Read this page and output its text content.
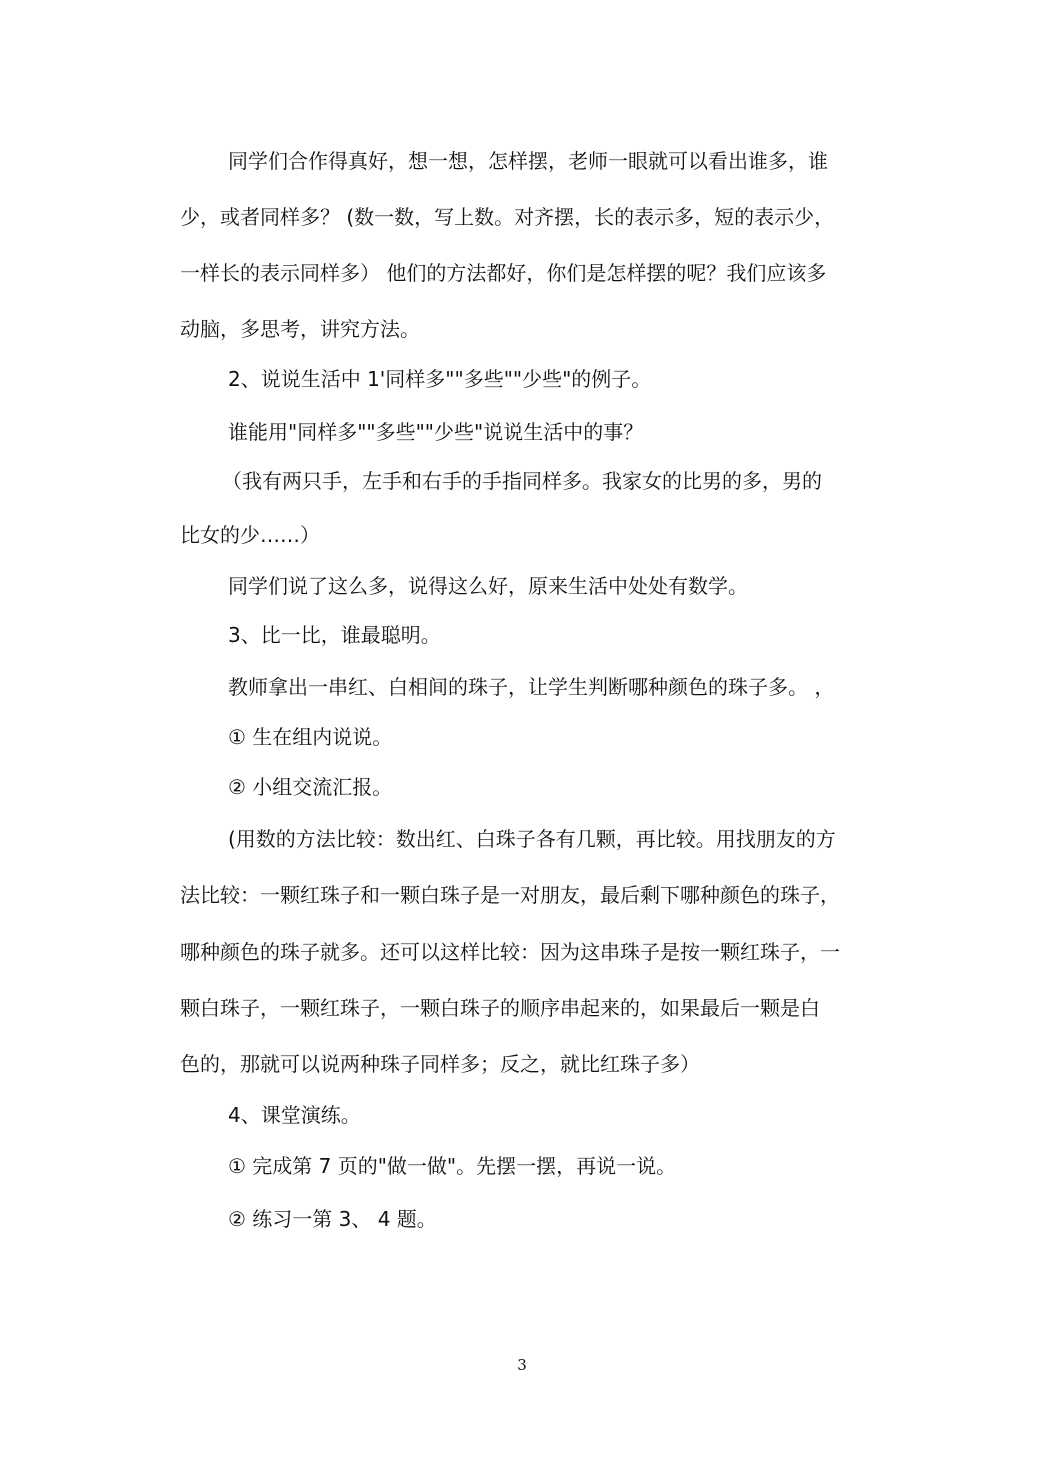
同学们合作得真好，想一想，怎样摆，老师一眼就可以看出谁多，谁
少，或者同样多？ (数一数，写上数。对齐摆，长的表示多，短的表示少，
一样长的表示同样多） 他们的方法都好，你们是怎样摆的呢？我们应该多
动脑，多思考，讲究方法。
2、说说生活中 1'同样多""多些""少些"的例子。
谁能用"同样多""多些""少些"说说生活中的事？
（我有两只手，左手和右手的手指同样多。我家女的比男的多，男的
比女的少……）
同学们说了这么多，说得这么好，原来生活中处处有数学。
3、比一比，谁最聪明。
教师拿出一串红、白相间的珠子，让学生判断哪种颜色的珠子多。 ，
① 生在组内说说。
② 小组交流汇报。
(用数的方法比较：数出红、白珠子各有几颗，再比较。用找朋友的方
法比较：一颗红珠子和一颗白珠子是一对朋友，最后剩下哪种颜色的珠子，
哪种颜色的珠子就多。还可以这样比较：因为这串珠子是按一颗红珠子，一
颗白珠子，一颗红珠子，一颗白珠子的顺序串起来的，如果最后一颗是白
色的，那就可以说两种珠子同样多；反之，就比红珠子多）
4、课堂演练。
① 完成第 7 页的"做一做"。先摆一摆，再说一说。
② 练习一第 3、 4 题。
3
